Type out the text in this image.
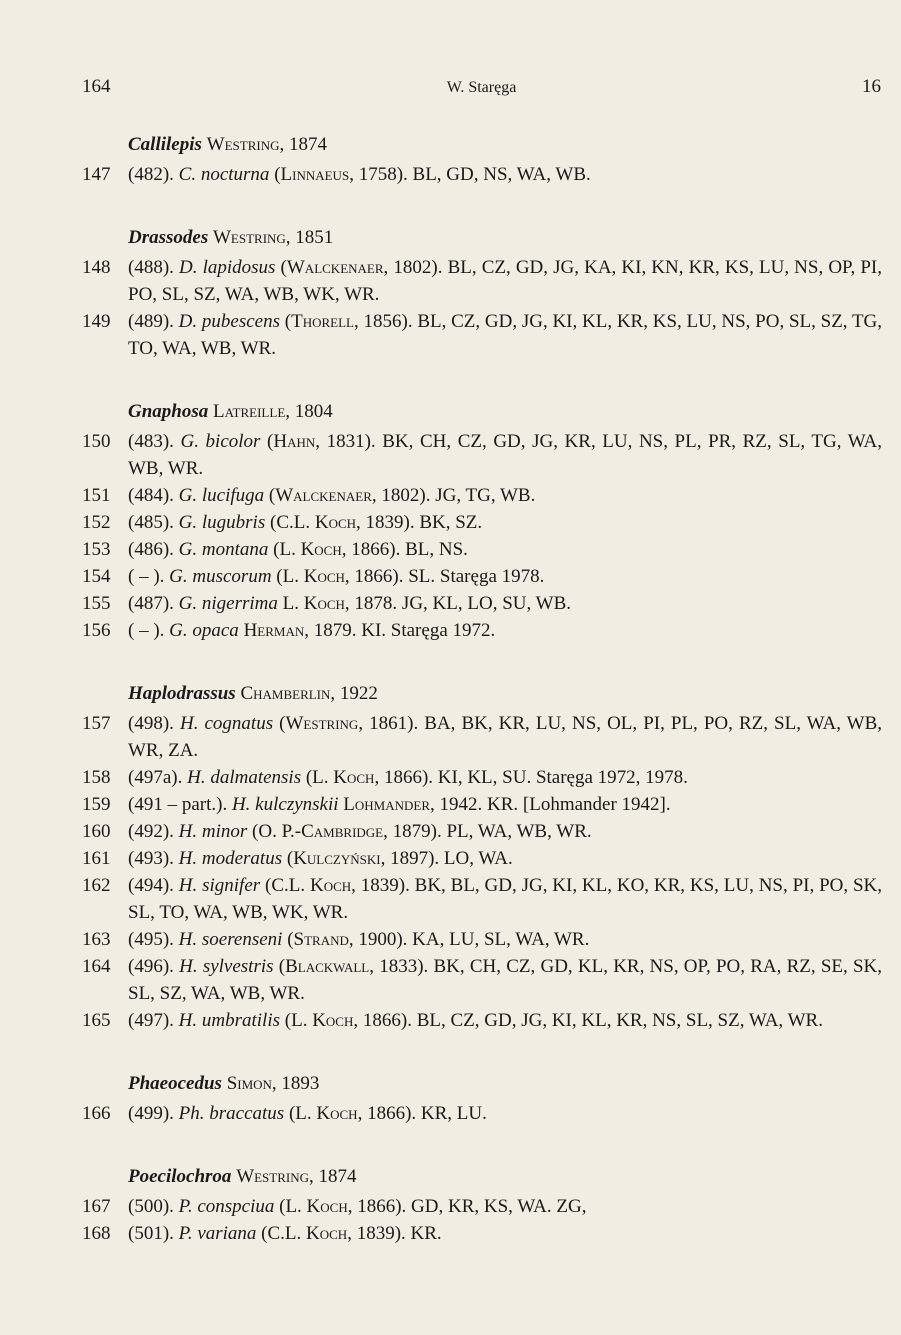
164	W. Staręga	16
Callilepis Westring, 1874
147 (482). C. nocturna (Linnaeus, 1758). BL, GD, NS, WA, WB.
Drassodes Westring, 1851
148 (488). D. lapidosus (Walckenaer, 1802). BL, CZ, GD, JG, KA, KI, KN, KR, KS, LU, NS, OP, PI, PO, SL, SZ, WA, WB, WK, WR.
149 (489). D. pubescens (Thorell, 1856). BL, CZ, GD, JG, KI, KL, KR, KS, LU, NS, PO, SL, SZ, TG, TO, WA, WB, WR.
Gnaphosa Latreille, 1804
150 (483). G. bicolor (Hahn, 1831). BK, CH, CZ, GD, JG, KR, LU, NS, PL, PR, RZ, SL, TG, WA, WB, WR.
151 (484). G. lucifuga (Walckenaer, 1802). JG, TG, WB.
152 (485). G. lugubris (C.L. Koch, 1839). BK, SZ.
153 (486). G. montana (L. Koch, 1866). BL, NS.
154 ( – ). G. muscorum (L. Koch, 1866). SL. Staręga 1978.
155 (487). G. nigerrima L. Koch, 1878. JG, KL, LO, SU, WB.
156 ( – ). G. opaca Herman, 1879. KI. Staręga 1972.
Haplodrassus Chamberlin, 1922
157 (498). H. cognatus (Westring, 1861). BA, BK, KR, LU, NS, OL, PI, PL, PO, RZ, SL, WA, WB, WR, ZA.
158 (497a). H. dalmatensis (L. Koch, 1866). KI, KL, SU. Staręga 1972, 1978.
159 (491 – part.). H. kulczynskii Lohmander, 1942. KR. [Lohmander 1942].
160 (492). H. minor (O. P.-Cambridge, 1879). PL, WA, WB, WR.
161 (493). H. moderatus (Kulczyński, 1897). LO, WA.
162 (494). H. signifer (C.L. Koch, 1839). BK, BL, GD, JG, KI, KL, KO, KR, KS, LU, NS, PI, PO, SK, SL, TO, WA, WB, WK, WR.
163 (495). H. soerenseni (Strand, 1900). KA, LU, SL, WA, WR.
164 (496). H. sylvestris (Blackwall, 1833). BK, CH, CZ, GD, KL, KR, NS, OP, PO, RA, RZ, SE, SK, SL, SZ, WA, WB, WR.
165 (497). H. umbratilis (L. Koch, 1866). BL, CZ, GD, JG, KI, KL, KR, NS, SL, SZ, WA, WR.
Phaeocedus Simon, 1893
166 (499). Ph. braccatus (L. Koch, 1866). KR, LU.
Poecilochroa Westring, 1874
167 (500). P. conspciua (L. Koch, 1866). GD, KR, KS, WA. ZG,
168 (501). P. variana (C.L. Koch, 1839). KR.
